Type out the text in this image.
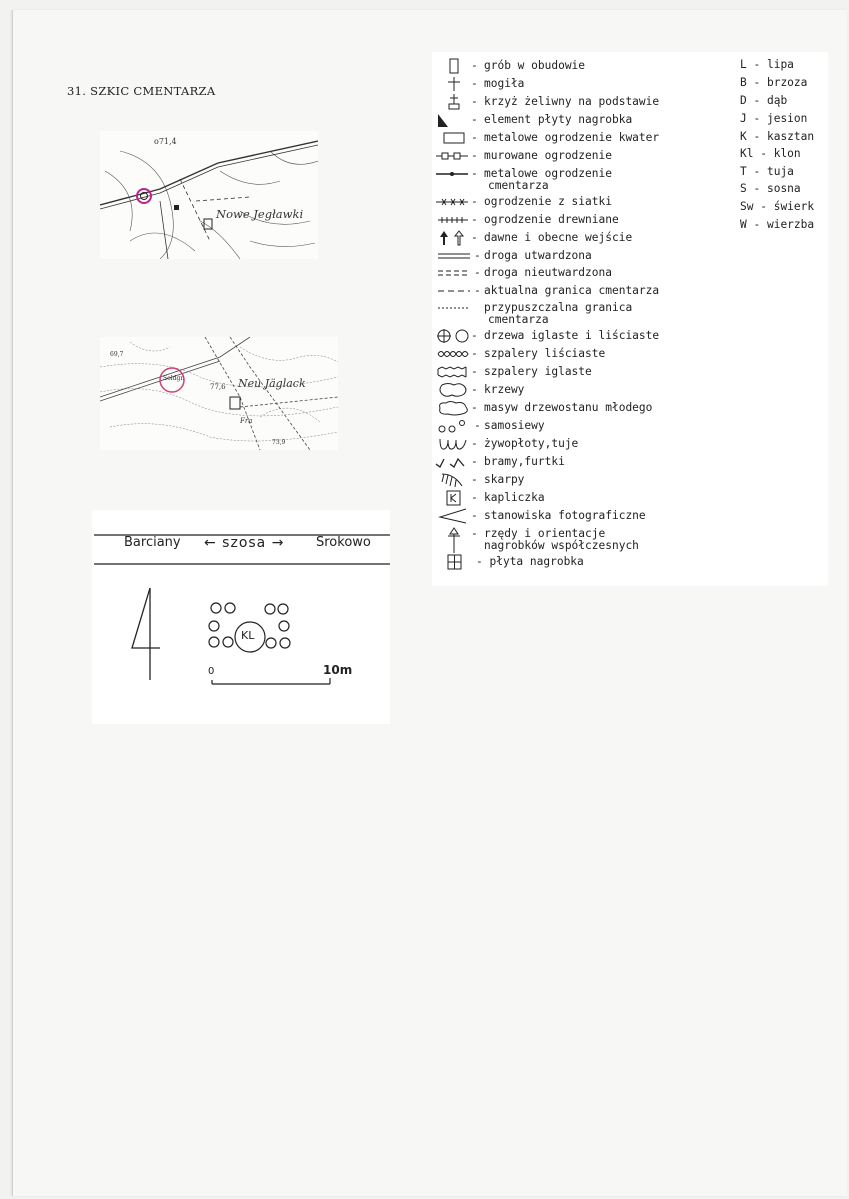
31. SZKIC CMENTARZA
Nowe Jegławki
o71,4
Neu Jäglack
Soldgr.
69,7
77,6
73,9
Fra
Barciany ← szosa → Srokowo
KL
0	10m
- grób w obudowie
- mogiła
- krzyż żeliwny na podstawie
- element płyty nagrobka
- metalowe ogrodzenie kwater
- murowane ogrodzenie
- metalowe ogrodzenie
cmentarza
- ogrodzenie z siatki
- ogrodzenie drewniane
- dawne i obecne wejście
droga utwardzona
-
- droga nieutwardzona
- aktualna granica cmentarza
przypuszczalna granica
cmentarza
- drzewa iglaste i liściaste
- szpalery liściaste
- szpalery iglaste
- krzewy
- masyw drzewostanu młodego
- samosiewy
- żywopłoty,tuje
- bramy,furtki
- skarpy
- kapliczka
- stanowiska fotograficzne
- rzędy i orientacje
nagrobków współczesnych
- płyta nagrobka
L - lipa
B - brzoza
D - dąb
J - jesion
K - kasztan
Kl - klon
T - tuja
S - sosna
Sw - świerk
W - wierzba
